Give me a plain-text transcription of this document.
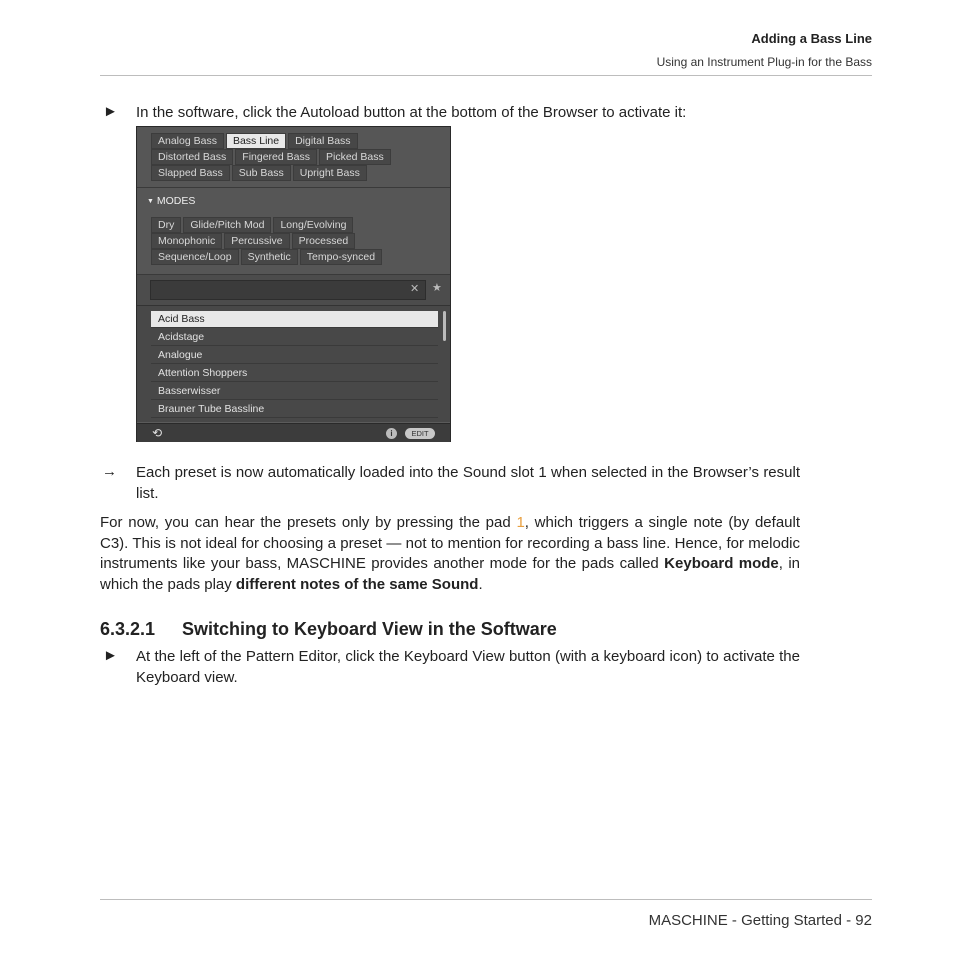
Adding a Bass Line
Using an Instrument Plug-in for the Bass
► In the software, click the Autoload button at the bottom of the Browser to activate it:
Analog Bass	Bass Line	Digital Bass
Distorted Bass	Fingered Bass	Picked Bass
Slapped Bass	Sub Bass	Upright Bass
▼ MODES
Dry	Glide/Pitch Mod	Long/Evolving
Monophonic	Percussive	Processed
Sequence/Loop	Synthetic	Tempo-synced
✕ ★
Acid Bass
Acidstage
Analogue
Attention Shoppers
Basserwisser
Brauner Tube Bassline
⟲	i	EDIT
→ Each preset is now automatically loaded into the Sound slot 1 when selected in the Browser’s result list.
For now, you can hear the presets only by pressing the pad 1, which triggers a single note (by default C3). This is not ideal for choosing a preset — not to mention for recording a bass line. Hence, for melodic instruments like your bass, MASCHINE provides another mode for the pads called Keyboard mode, in which the pads play different notes of the same Sound.
6.3.2.1 Switching to Keyboard View in the Software
► At the left of the Pattern Editor, click the Keyboard View button (with a keyboard icon) to activate the Keyboard view.
MASCHINE - Getting Started - 92
